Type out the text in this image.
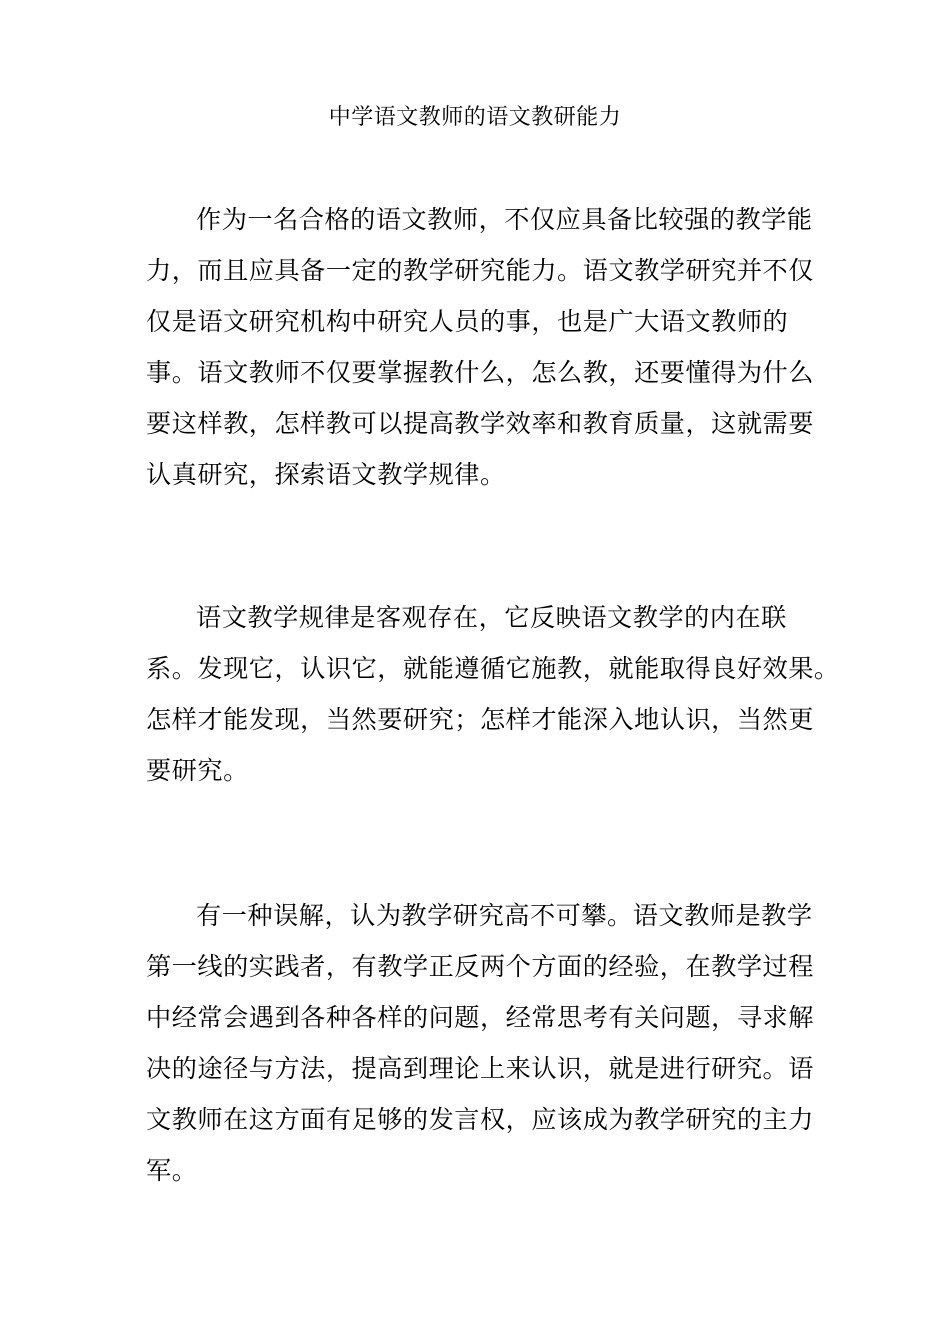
中学语文教师的语文教研能力
作为一名合格的语文教师，不仅应具备比较强的教学能
力，而且应具备一定的教学研究能力。语文教学研究并不仅
仅是语文研究机构中研究人员的事，也是广大语文教师的
事。语文教师不仅要掌握教什么，怎么教，还要懂得为什么
要这样教，怎样教可以提高教学效率和教育质量，这就需要
认真研究，探索语文教学规律。
语文教学规律是客观存在，它反映语文教学的内在联
系。发现它，认识它，就能遵循它施教，就能取得良好效果。
怎样才能发现，当然要研究；怎样才能深入地认识，当然更
要研究。
有一种误解，认为教学研究高不可攀。语文教师是教学
第一线的实践者，有教学正反两个方面的经验，在教学过程
中经常会遇到各种各样的问题，经常思考有关问题，寻求解
决的途径与方法，提高到理论上来认识，就是进行研究。语
文教师在这方面有足够的发言权，应该成为教学研究的主力
军。
